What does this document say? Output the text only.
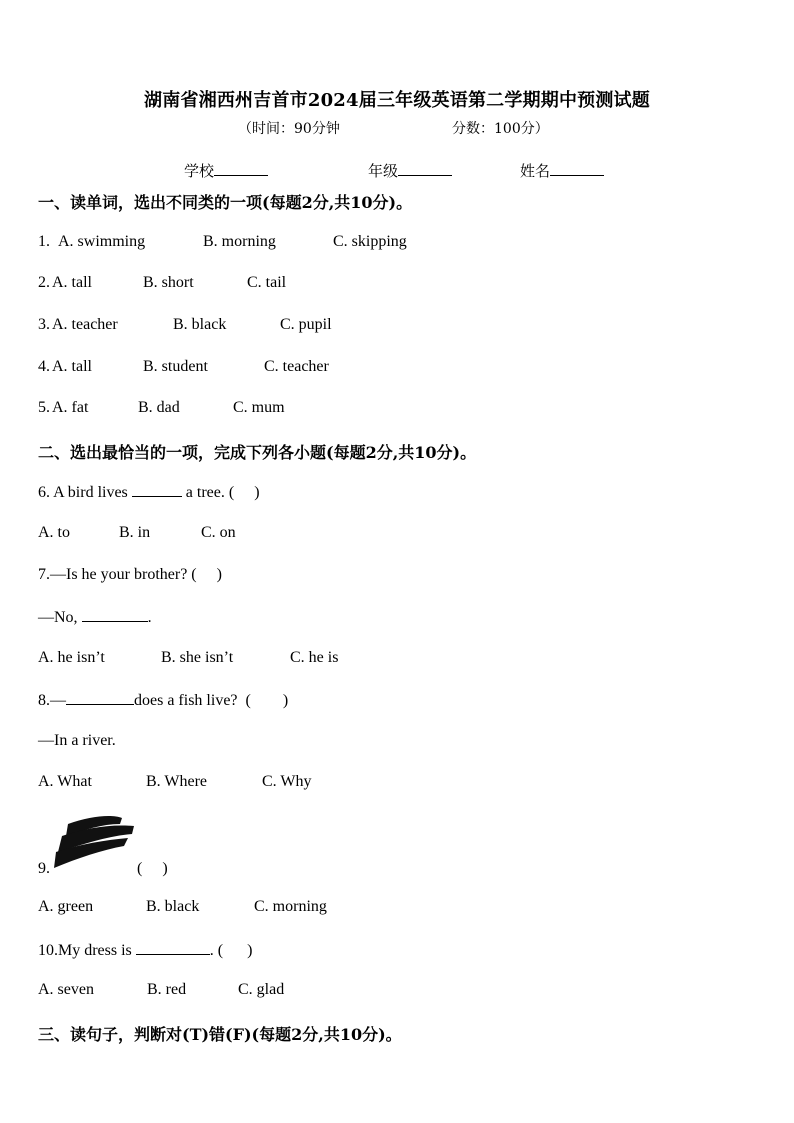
湖南省湘西州吉首市2024届三年级英语第二学期期中预测试题
（时间：90分钟	分数：100分）
学校	年级	姓名
一、读单词，选出不同类的一项(每题2分,共10分)。
1. A. swimming	B. morning	C. skipping
2. A. tall	B. short	C. tail
3. A. teacher	B. black	C. pupil
4. A. tall	B. student	C. teacher
5. A. fat	B. dad	C. mum
二、选出最恰当的一项，完成下列各小题(每题2分,共10分)。
6. A bird lives	a tree. (     )
A. to	B. in	C. on
7.—Is he your brother? (     )
—No,	.
A. he isn’t	B. she isn’t	C. he is
8.—	does a fish live?  (        )
—In a river.
A. What	B. Where	C. Why
9.	(     )
A. green	B. black	C. morning
10.My dress is	. (      )
A. seven	B. red	C. glad
三、读句子，判断对(T)错(F)(每题2分,共10分)。
